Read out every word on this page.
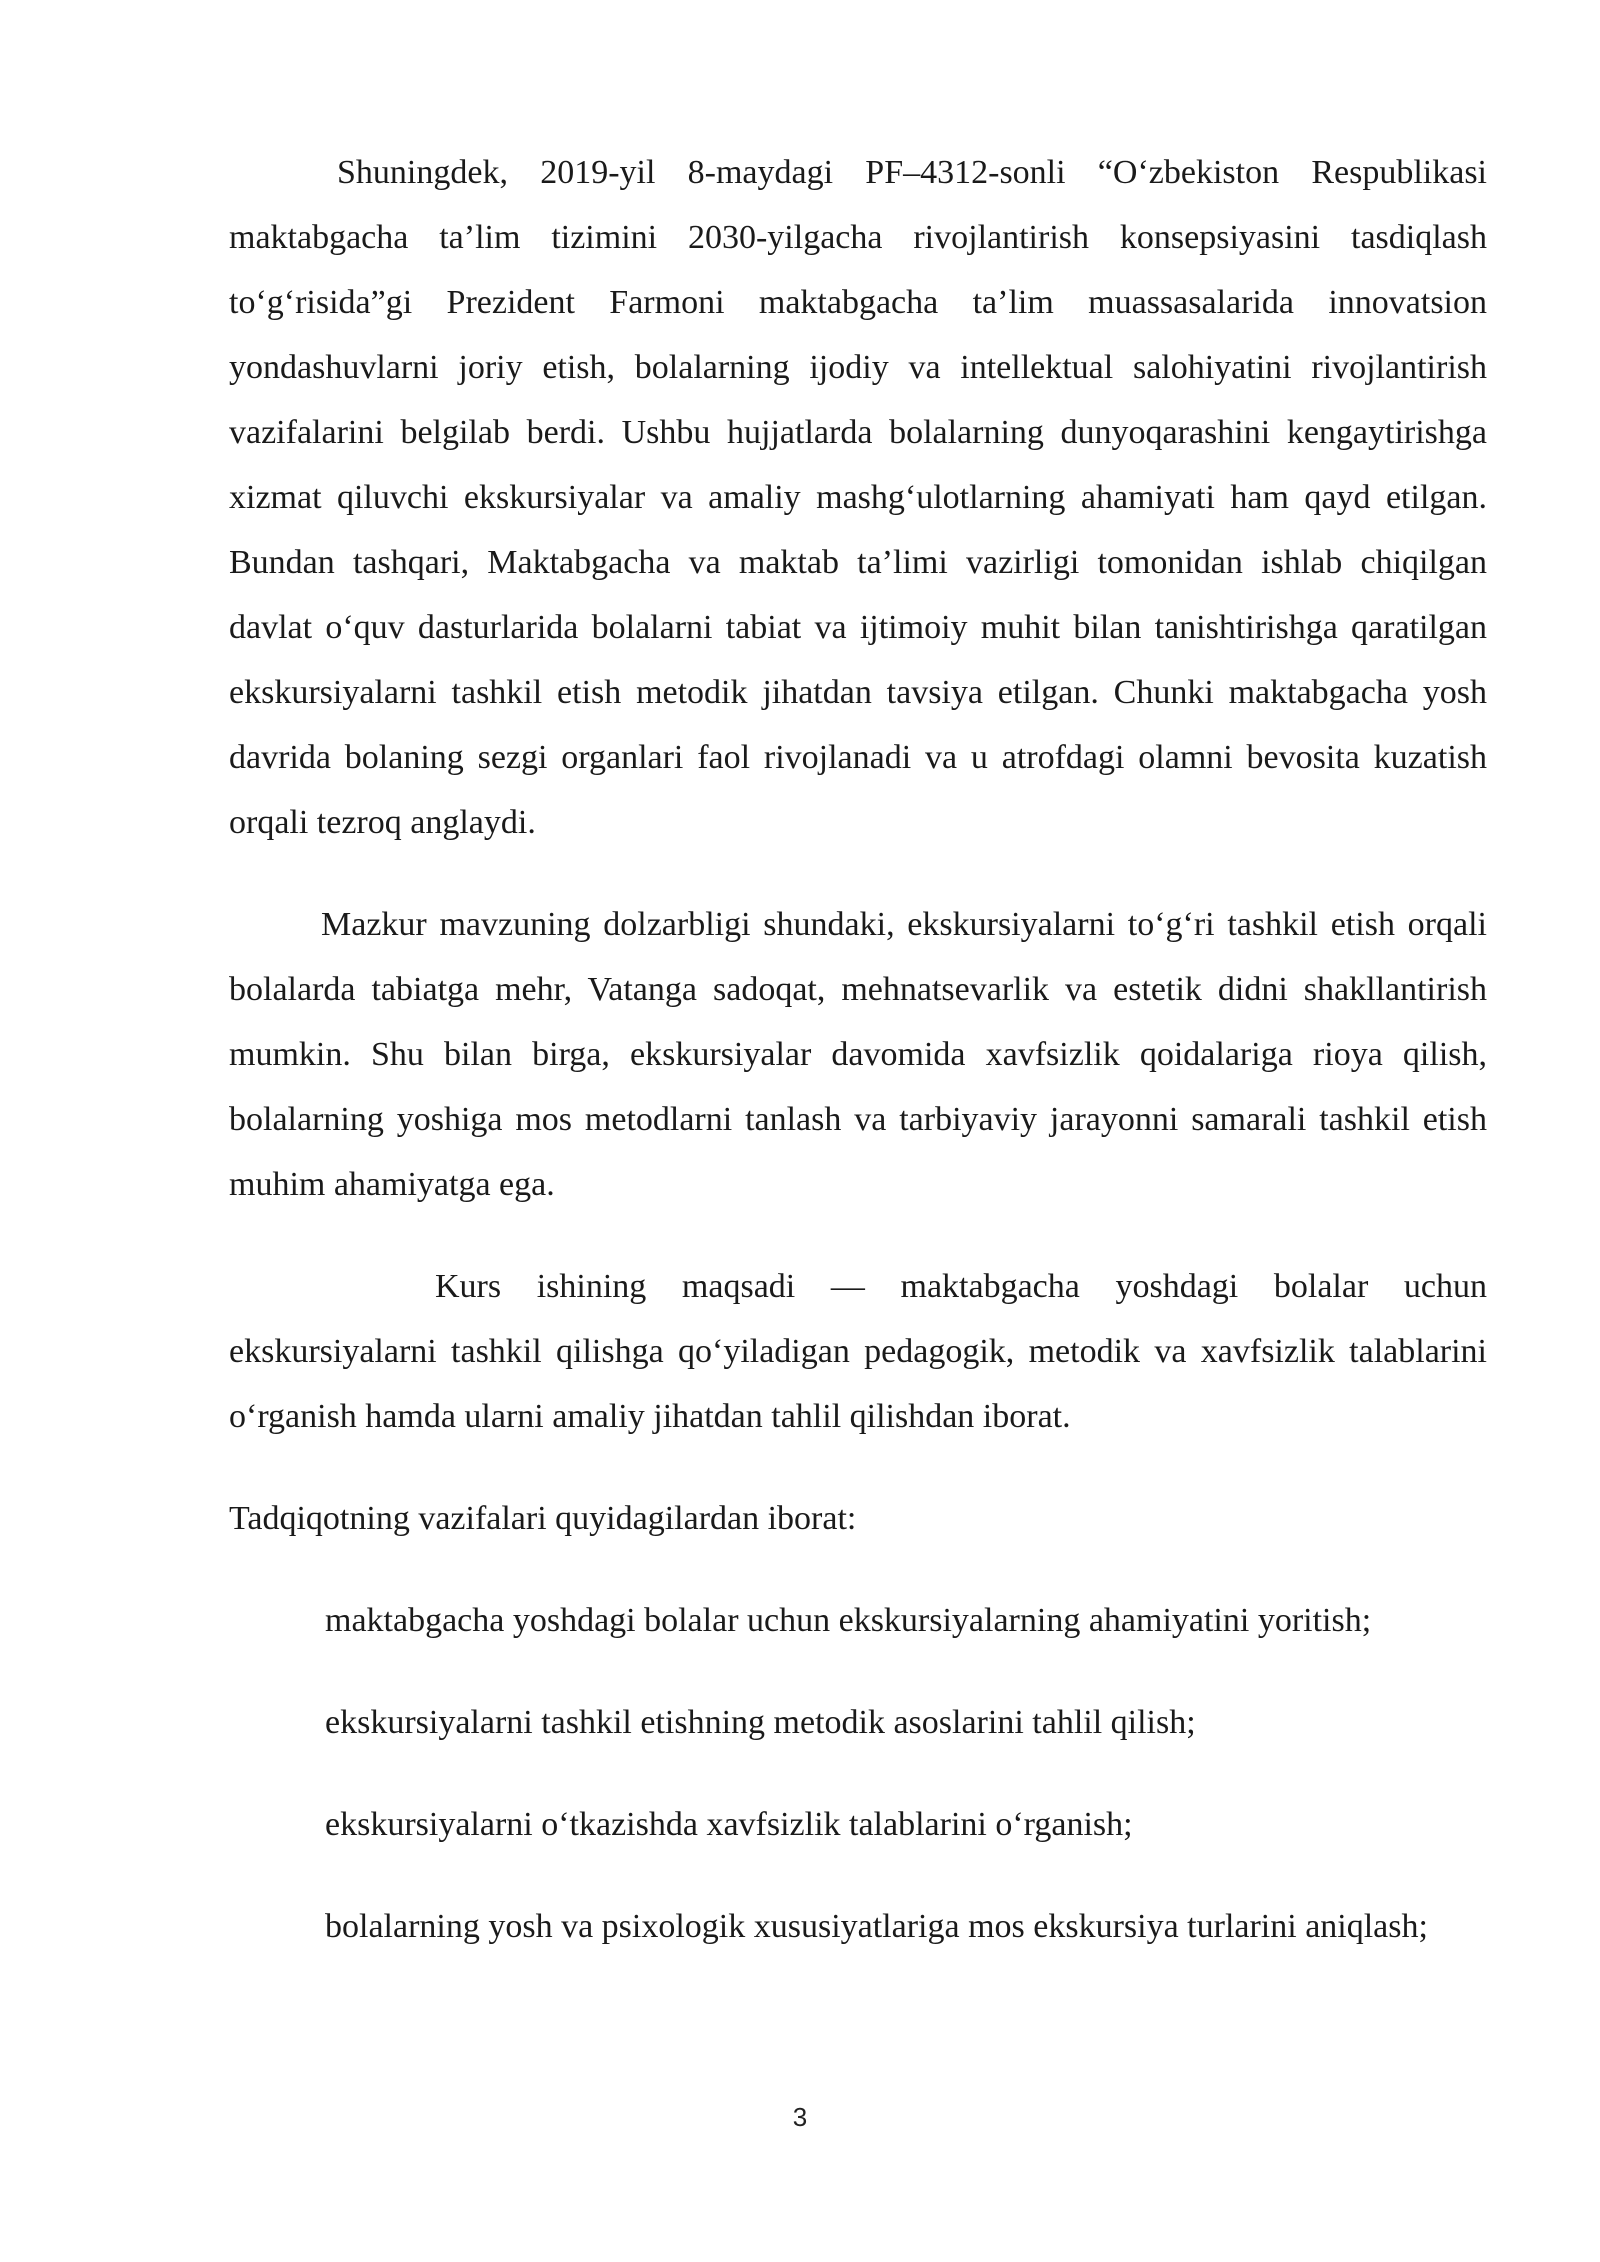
Shuningdek, 2019-yil 8-maydagi PF–4312-sonli “O‘zbekiston Respublikasi maktabgacha ta’lim tizimini 2030-yilgacha rivojlantirish konsepsiyasini tasdiqlash to‘g‘risida”gi Prezident Farmoni maktabgacha ta’lim muassasalarida innovatsion yondashuvlarni joriy etish, bolalarning ijodiy va intellektual salohiyatini rivojlantirish vazifalarini belgilab berdi. Ushbu hujjatlarda bolalarning dunyoqarashini kengaytirishga xizmat qiluvchi ekskursiyalar va amaliy mashg‘ulotlarning ahamiyati ham qayd etilgan. Bundan tashqari, Maktabgacha va maktab ta’limi vazirligi tomonidan ishlab chiqilgan davlat o‘quv dasturlarida bolalarni tabiat va ijtimoiy muhit bilan tanishtirishga qaratilgan ekskursiyalarni tashkil etish metodik jihatdan tavsiya etilgan. Chunki maktabgacha yosh davrida bolaning sezgi organlari faol rivojlanadi va u atrofdagi olamni bevosita kuzatish orqali tezroq anglaydi.

Mazkur mavzuning dolzarbligi shundaki, ekskursiyalarni to‘g‘ri tashkil etish orqali bolalarda tabiatga mehr, Vatanga sadoqat, mehnatsevarlik va estetik didni shakllantirish mumkin. Shu bilan birga, ekskursiyalar davomida xavfsizlik qoidalariga rioya qilish, bolalarning yoshiga mos metodlarni tanlash va tarbiyaviy jarayonni samarali tashkil etish muhim ahamiyatga ega.

Kurs ishining maqsadi — maktabgacha yoshdagi bolalar uchun ekskursiyalarni tashkil qilishga qo‘yiladigan pedagogik, metodik va xavfsizlik talablarini o‘rganish hamda ularni amaliy jihatdan tahlil qilishdan iborat.

Tadqiqotning vazifalari quyidagilardan iborat:

maktabgacha yoshdagi bolalar uchun ekskursiyalarning ahamiyatini yoritish;
ekskursiyalarni tashkil etishning metodik asoslarini tahlil qilish;
ekskursiyalarni o‘tkazishda xavfsizlik talablarini o‘rganish;
bolalarning yosh va psixologik xususiyatlariga mos ekskursiya turlarini aniqlash;
3
